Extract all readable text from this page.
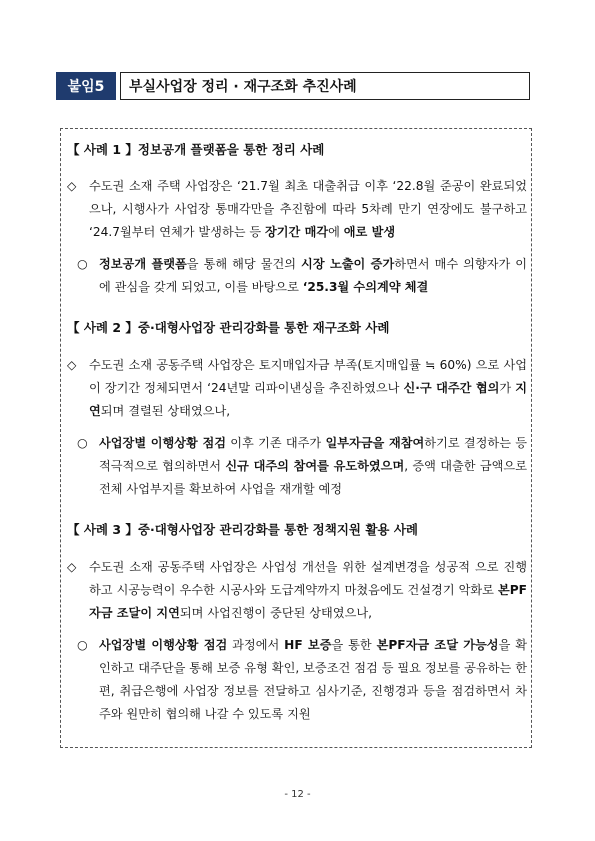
붙임5	부실사업장 정리 · 재구조화 추진사례
【 사례 1 】정보공개 플랫폼을 통한 정리 사례
◇ 수도권 소재 주택 사업장은 ‘21.7월 최초 대출취급 이후 ‘22.8월 준공이 완료되었으나, 시행사가 사업장 통매각만을 추진함에 따라 5차례 만기 연장에도 불구하고 ‘24.7월부터 연체가 발생하는 등 장기간 매각에 애로 발생
○ 정보공개 플랫폼을 통해 해당 물건의 시장 노출이 증가하면서 매수 의향자가 이에 관심을 갖게 되었고, 이를 바탕으로 ‘25.3월 수의계약 체결
【 사례 2 】중·대형사업장 관리강화를 통한 재구조화 사례
◇ 수도권 소재 공동주택 사업장은 토지매입자금 부족(토지매입률 ≒ 60%) 으로 사업이 장기간 정체되면서 ‘24년말 리파이낸싱을 추진하였으나 신·구 대주간 협의가 지연되며 결렬된 상태였으나,
○ 사업장별 이행상황 점검 이후 기존 대주가 일부자금을 재참여하기로 결정하는 등 적극적으로 협의하면서 신규 대주의 참여를 유도하였으며, 증액 대출한 금액으로 전체 사업부지를 확보하여 사업을 재개할 예정
【 사례 3 】중·대형사업장 관리강화를 통한 정책지원 활용 사례
◇ 수도권 소재 공동주택 사업장은 사업성 개선을 위한 설계변경을 성공적 으로 진행하고 시공능력이 우수한 시공사와 도급계약까지 마쳤음에도 건설경기 악화로 본PF자금 조달이 지연되며 사업진행이 중단된 상태였으나,
○ 사업장별 이행상황 점검 과정에서 HF 보증을 통한 본PF자금 조달 가능성을 확인하고 대주단을 통해 보증 유형 확인, 보증조건 점검 등 필요 정보를 공유하는 한편, 취급은행에 사업장 정보를 전달하고 심사기준, 진행경과 등을 점검하면서 차주와 원만히 협의해 나갈 수 있도록 지원
- 12 -
